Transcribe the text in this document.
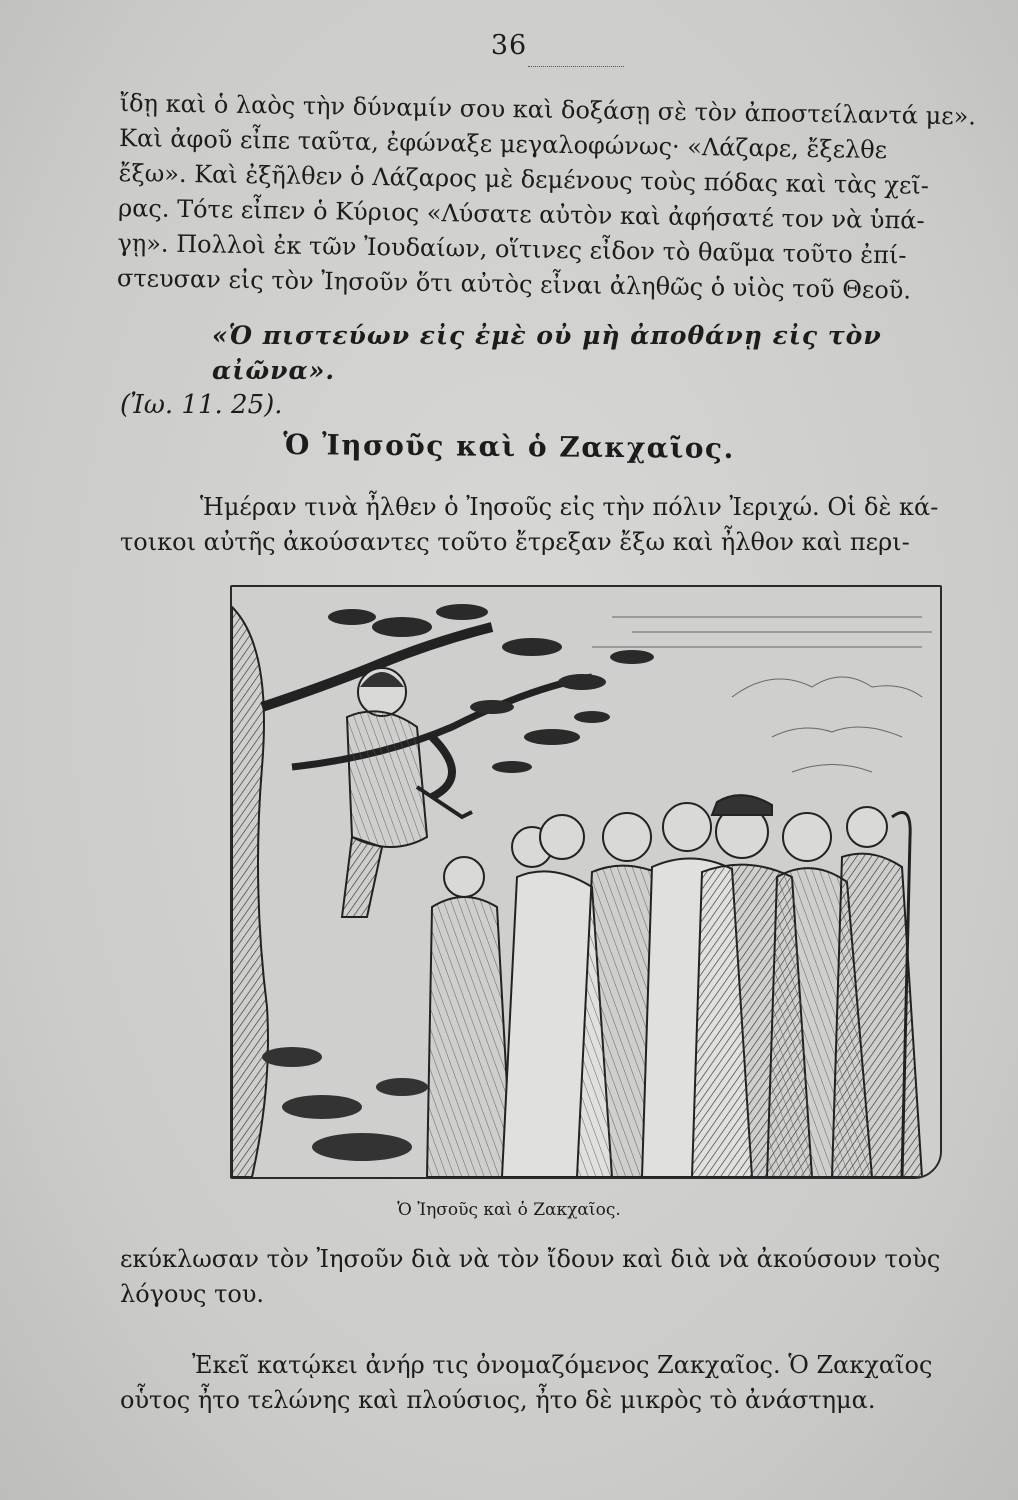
36
ἴδῃ καὶ ὁ λαὸς τὴν δύναμίν σου καὶ δοξάσῃ σὲ τὸν ἀποστείλαντά με».
Καὶ ἀφοῦ εἶπε ταῦτα, ἐφώναξε μεγαλοφώνως· «Λάζαρε, ἔξελθε
ἔξω». Καὶ ἐξῆλθεν ὁ Λάζαρος μὲ δεμένους τοὺς πόδας καὶ τὰς χεῖ-
ρας. Τότε εἶπεν ὁ Κύριος «Λύσατε αὐτὸν καὶ ἀφήσατέ τον νὰ ὑπά-
γῃ». Πολλοὶ ἐκ τῶν Ἰουδαίων, οἵτινες εἶδον τὸ θαῦμα τοῦτο ἐπί-
στευσαν εἰς τὸν Ἰησοῦν ὅτι αὐτὸς εἶναι ἀληθῶς ὁ υἱὸς τοῦ Θεοῦ.
«Ὁ πιστεύων εἰς ἐμὲ οὐ μὴ ἀποθάνῃ εἰς τὸν αἰῶνα».
(Ἰω. 11. 25).
Ὁ Ἰησοῦς καὶ ὁ Ζακχαῖος.
Ἡμέραν τινὰ ἦλθεν ὁ Ἰησοῦς εἰς τὴν πόλιν Ἰεριχώ. Οἱ δὲ κά-
τοικοι αὐτῆς ἀκούσαντες τοῦτο ἔτρεξαν ἔξω καὶ ἦλθον καὶ περι-
Ὁ Ἰησοῦς καὶ ὁ Ζακχαῖος.
εκύκλωσαν τὸν Ἰησοῦν διὰ νὰ τὸν ἴδουν καὶ διὰ νὰ ἀκούσουν τοὺς
λόγους του.
Ἐκεῖ κατῴκει ἀνήρ τις ὀνομαζόμενος Ζακχαῖος. Ὁ Ζακχαῖος
οὗτος ἦτο τελώνης καὶ πλούσιος, ἦτο δὲ μικρὸς τὸ ἀνάστημα.
